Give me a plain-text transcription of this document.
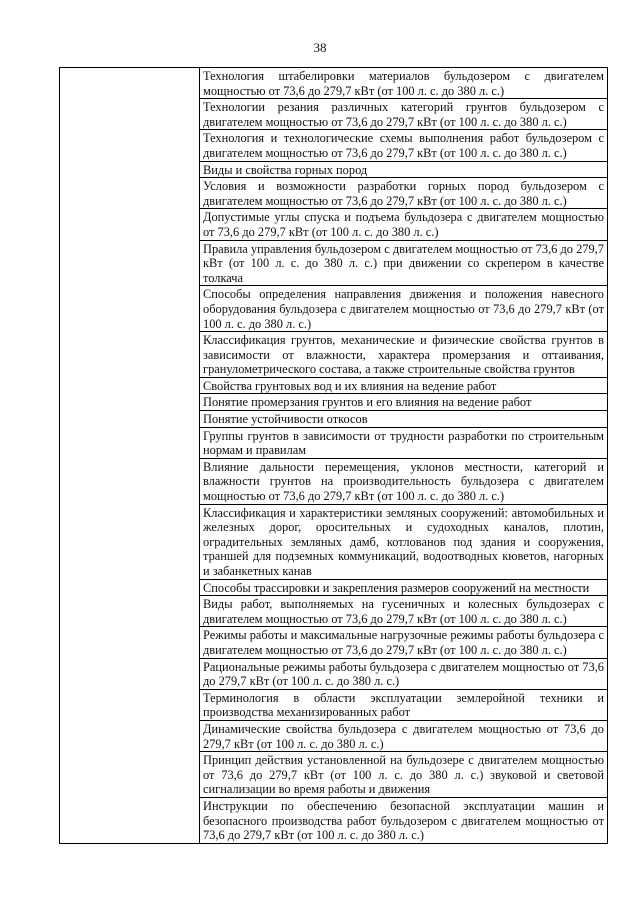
38

Технология штабелировки материалов бульдозером с двигателем мощностью от 73,6 до 279,7 кВт (от 100 л. с. до 380 л. с.)

Технологии резания различных категорий грунтов бульдозером с двигателем мощностью от 73,6 до 279,7 кВт (от 100 л. с. до 380 л. с.)

Технология и технологические схемы выполнения работ бульдозером с двигателем мощностью от 73,6 до 279,7 кВт (от 100 л. с. до 380 л. с.)

Виды и свойства горных пород

Условия и возможности разработки горных пород бульдозером с двигателем мощностью от 73,6 до 279,7 кВт (от 100 л. с. до 380 л. с.)

Допустимые углы спуска и подъема бульдозера с двигателем мощностью от 73,6 до 279,7 кВт (от 100 л. с. до 380 л. с.)

Правила управления бульдозером с двигателем мощностью от 73,6 до 279,7 кВт (от 100 л. с. до 380 л. с.) при движении со скрепером в качестве толкача

Способы определения направления движения и положения навесного оборудования бульдозера с двигателем мощностью от 73,6 до 279,7 кВт (от 100 л. с. до 380 л. с.)

Классификация грунтов, механические и физические свойства грунтов в зависимости от влажности, характера промерзания и оттаивания, гранулометрического состава, а также строительные свойства грунтов

Свойства грунтовых вод и их влияния на ведение работ

Понятие промерзания грунтов и его влияния на ведение работ

Понятие устойчивости откосов

Группы грунтов в зависимости от трудности разработки по строительным нормам и правилам

Влияние дальности перемещения, уклонов местности, категорий и влажности грунтов на производительность бульдозера с двигателем мощностью от 73,6 до 279,7 кВт (от 100 л. с. до 380 л. с.)

Классификация и характеристики земляных сооружений: автомобильных и железных дорог, оросительных и судоходных каналов, плотин, оградительных земляных дамб, котлованов под здания и сооружения, траншей для подземных коммуникаций, водоотводных кюветов, нагорных и забанкетных канав

Способы трассировки и закрепления размеров сооружений на местности

Виды работ, выполняемых на гусеничных и колесных бульдозерах с двигателем мощностью от 73,6 до 279,7 кВт (от 100 л. с. до 380 л. с.)

Режимы работы и максимальные нагрузочные режимы работы бульдозера с двигателем мощностью от 73,6 до 279,7 кВт (от 100 л. с. до 380 л. с.)

Рациональные режимы работы бульдозера с двигателем мощностью от 73,6 до 279,7 кВт (от 100 л. с. до 380 л. с.)

Терминология в области эксплуатации землеройной техники и производства механизированных работ

Динамические свойства бульдозера с двигателем мощностью от 73,6 до 279,7 кВт (от 100 л. с. до 380 л. с.)

Принцип действия установленной на бульдозере с двигателем мощностью от 73,6 до 279,7 кВт (от 100 л. с. до 380 л. с.) звуковой и световой сигнализации во время работы и движения

Инструкции по обеспечению безопасной эксплуатации машин и безопасного производства работ бульдозером с двигателем мощностью от 73,6 до 279,7 кВт (от 100 л. с. до 380 л. с.)
